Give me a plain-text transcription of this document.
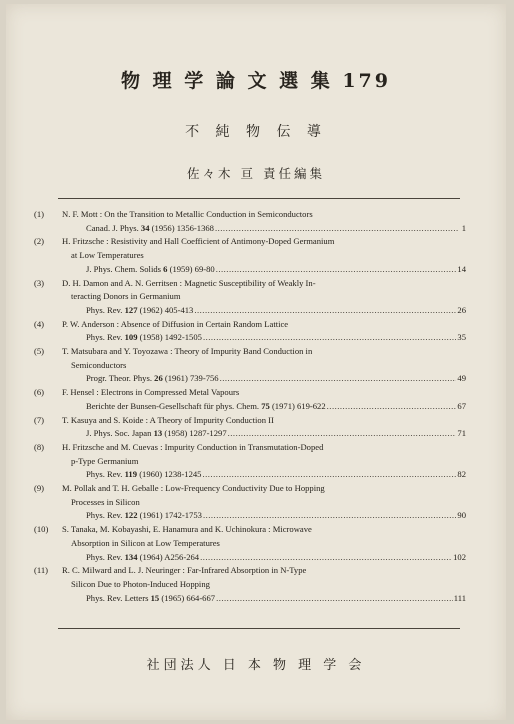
物 理 学 論 文 選 集 179
不 純 物 伝 導
佐々木 亘 責任編集
(1)	N. F. Mott : On the Transition to Metallic Conduction in Semiconductors
Canad. J. Phys.
34
(1956) 1356-1368 .....	1
(2)	H. Fritzsche : Resistivity and Hall Coefficient of Antimony-Doped Germanium
at Low Temperatures
J. Phys. Chem. Solids
6
(1959) 69-80 .....	14
(3)	D. H. Damon and A. N. Gerritsen : Magnetic Susceptibility of Weakly In-
teracting Donors in Germanium
Phys. Rev.
127
(1962) 405-413 .....	26
(4)	P. W. Anderson : Absence of Diffusion in Certain Random Lattice
Phys. Rev.
109
(1958) 1492-1505 .....	35
(5)	T. Matsubara and Y. Toyozawa : Theory of Impurity Band Conduction in
Semiconductors
Progr. Theor. Phys.
26
(1961) 739-756 .....	49
(6)	F. Hensel : Electrons in Compressed Metal Vapours
Berichte der Bunsen-Gesellschaft für phys. Chem.
75
(1971) 619-622 .....	67
(7)	T. Kasuya and S. Koide : A Theory of Impurity Conduction II
J. Phys. Soc. Japan
13
(1958) 1287-1297 .....	71
(8)	H. Fritzsche and M. Cuevas : Impurity Conduction in Transmutation-Doped
p-Type Germanium
Phys. Rev.
119
(1960) 1238-1245 .....	82
(9)	M. Pollak and T. H. Geballe : Low-Frequency Conductivity Due to Hopping
Processes in Silicon
Phys. Rev.
122
(1961) 1742-1753 .....	90
(10)	S. Tanaka, M. Kobayashi, E. Hanamura and K. Uchinokura : Microwave
Absorption in Silicon at Low Temperatures
Phys. Rev.
134
(1964) A256-264 .....	102
(11)	R. C. Milward and L. J. Neuringer : Far-Infrared Absorption in N-Type
Silicon Due to Photon-Induced Hopping
Phys. Rev. Letters
15
(1965) 664-667 .....	111
社団法人 日 本 物 理 学 会
